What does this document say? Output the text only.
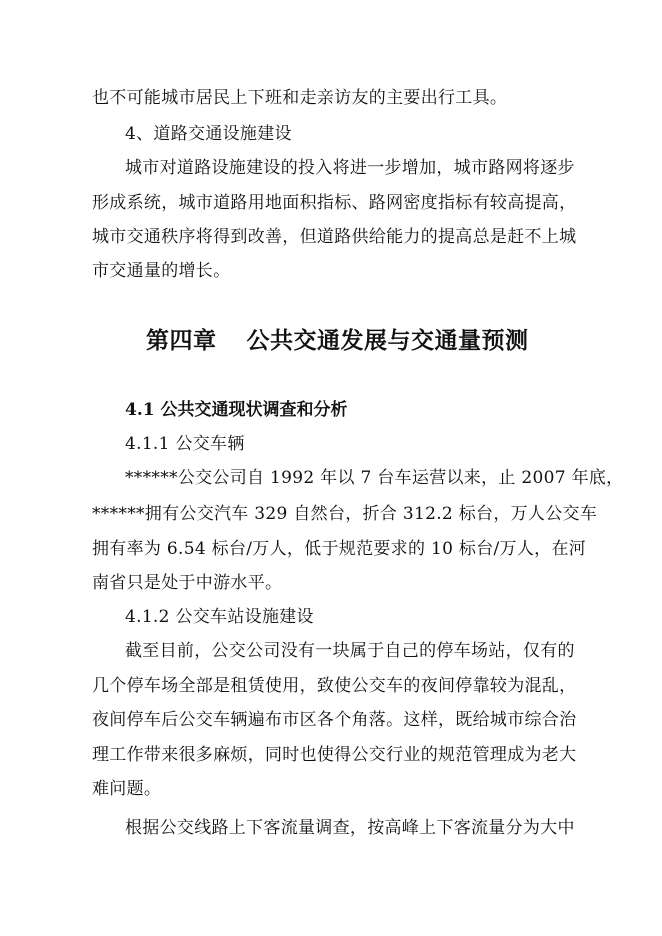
也不可能城市居民上下班和走亲访友的主要出行工具。
4、道路交通设施建设
城市对道路设施建设的投入将进一步增加，城市路网将逐步
形成系统，城市道路用地面积指标、路网密度指标有较高提高，
城市交通秩序将得到改善，但道路供给能力的提高总是赶不上城
市交通量的增长。
第四章 公共交通发展与交通量预测
4.1 公共交通现状调查和分析
4.1.1 公交车辆
******公交公司自 1992 年以 7 台车运营以来，止 2007 年底，
******拥有公交汽车 329 自然台，折合 312.2 标台，万人公交车
拥有率为 6.54 标台/万人，低于规范要求的 10 标台/万人，在河
南省只是处于中游水平。
4.1.2 公交车站设施建设
截至目前，公交公司没有一块属于自己的停车场站，仅有的
几个停车场全部是租赁使用，致使公交车的夜间停靠较为混乱，
夜间停车后公交车辆遍布市区各个角落。这样，既给城市综合治
理工作带来很多麻烦，同时也使得公交行业的规范管理成为老大
难问题。
根据公交线路上下客流量调查，按高峰上下客流量分为大中
